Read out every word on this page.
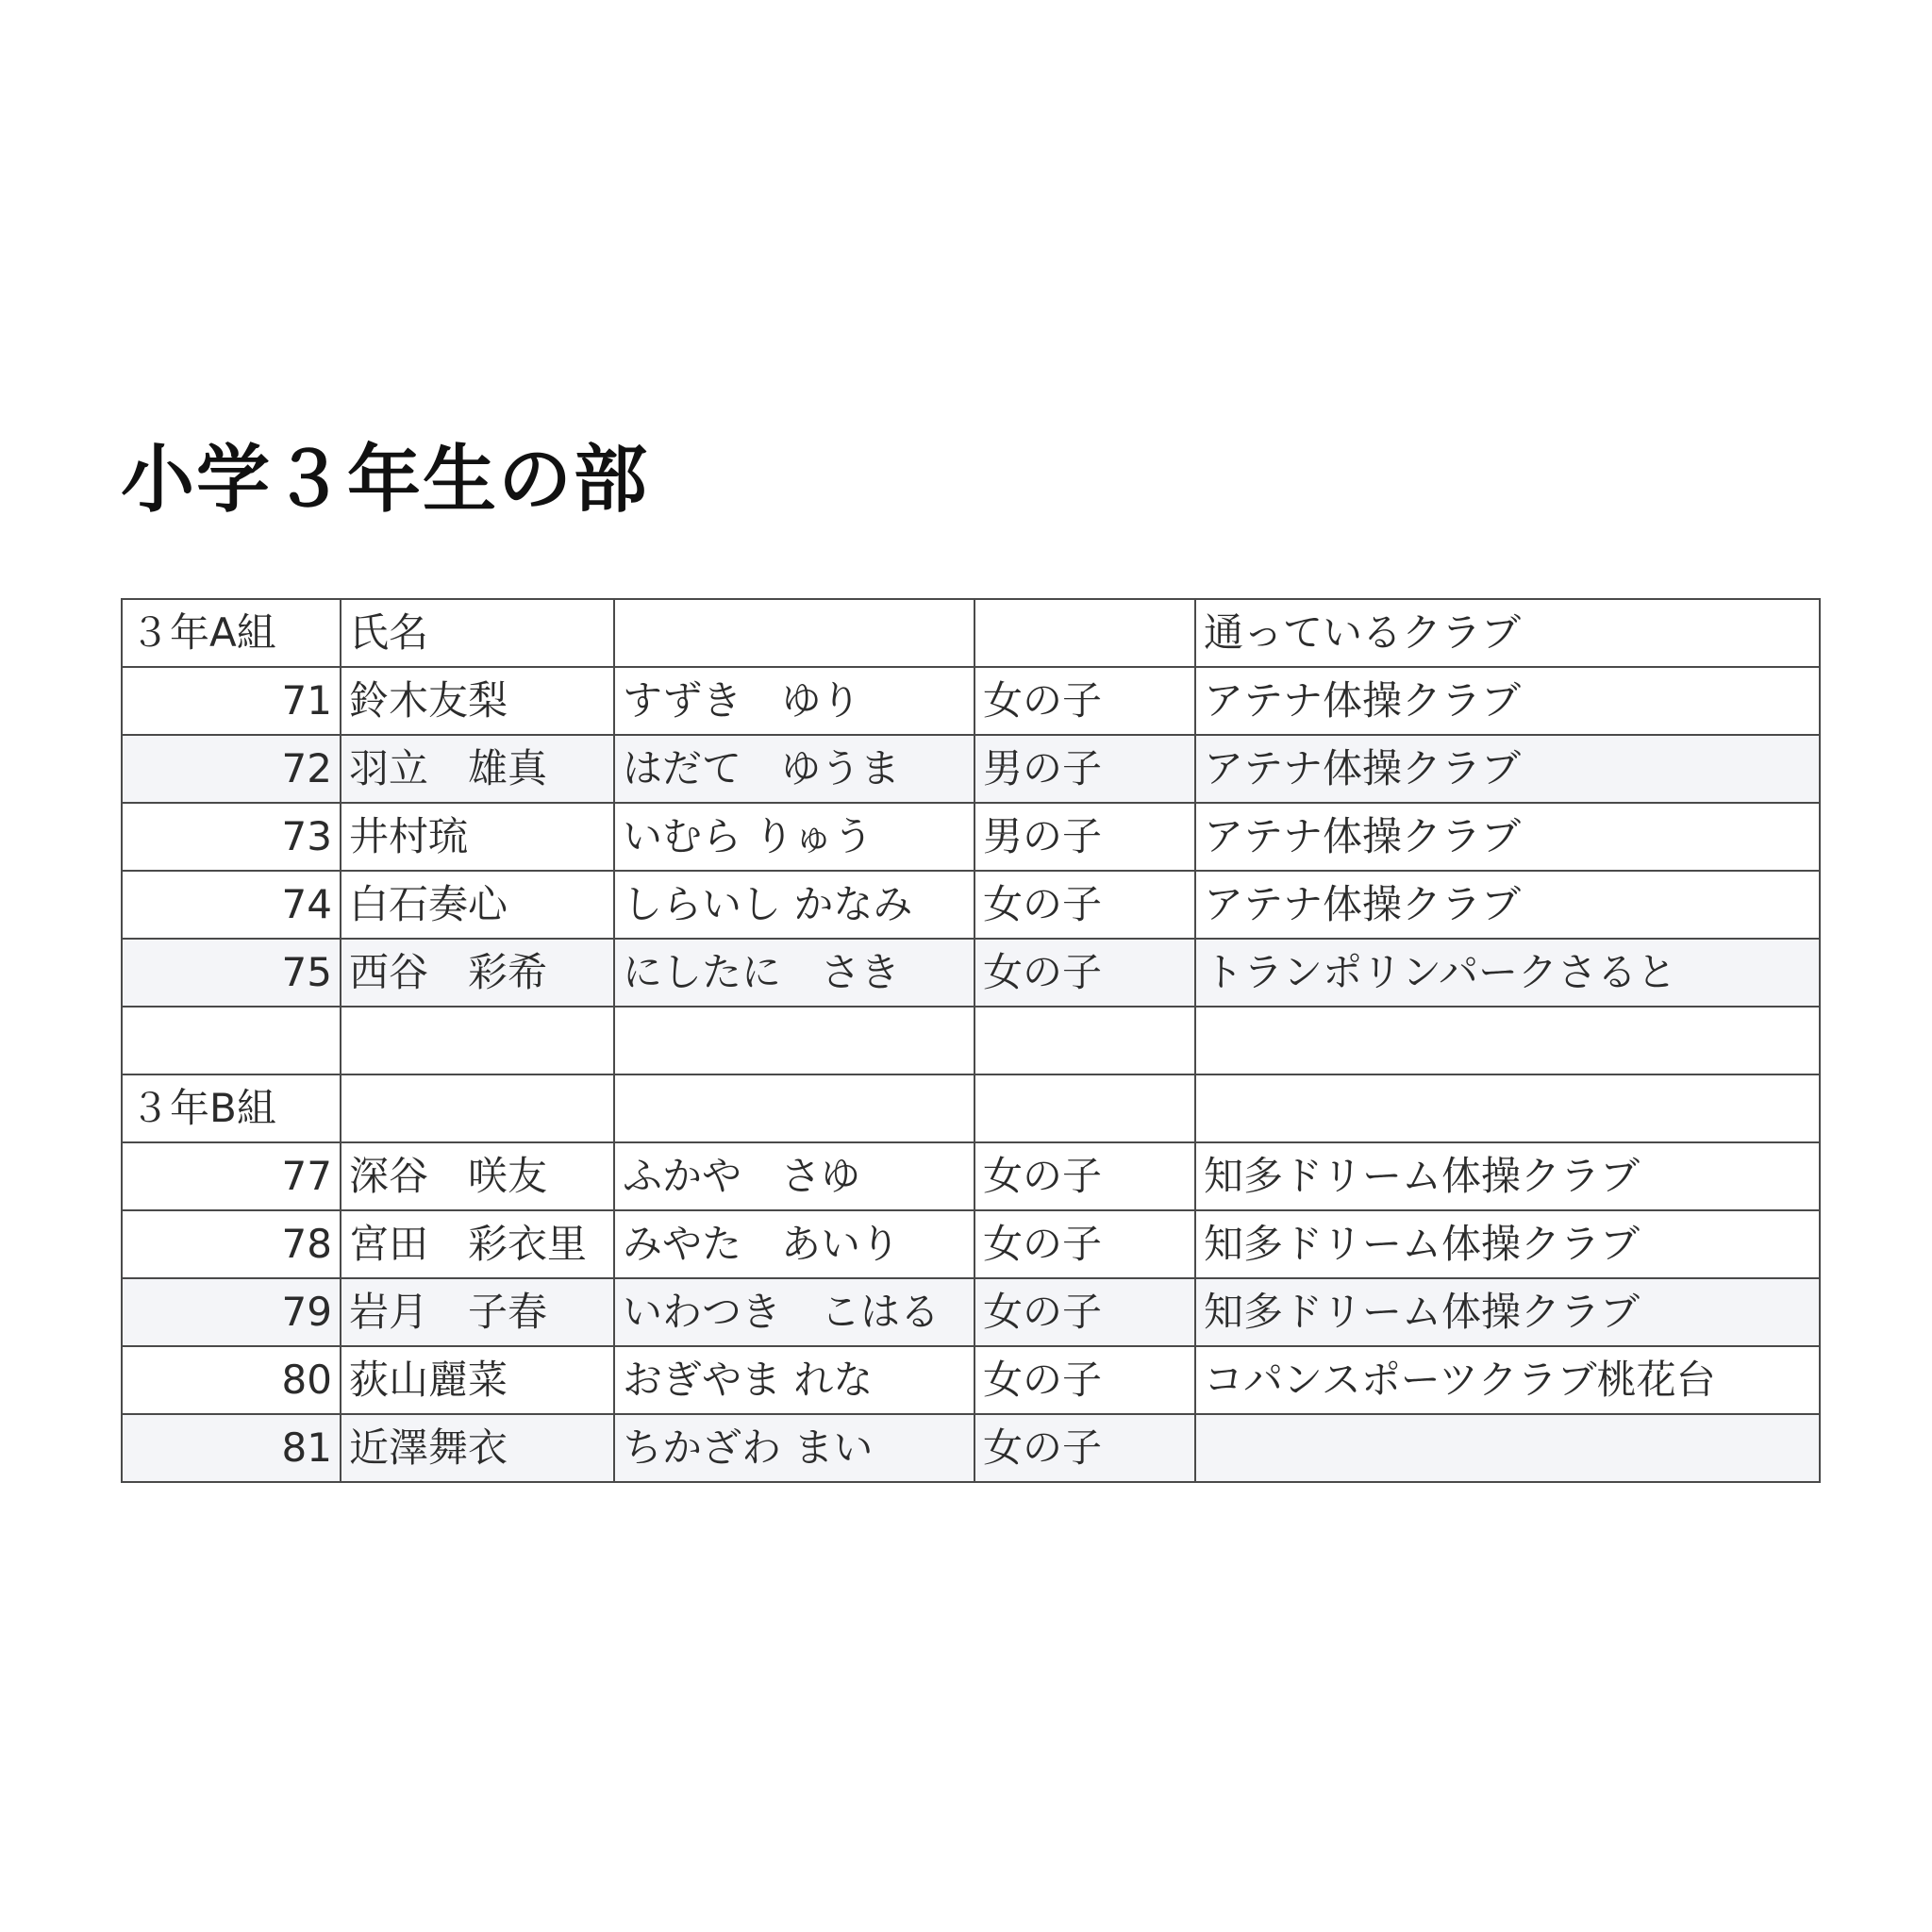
小学３年生の部
３年A組	氏名			通っているクラブ
71	鈴木友梨	すずき　ゆり	女の子	アテナ体操クラブ
72	羽立　雄真	はだて　ゆうま	男の子	アテナ体操クラブ
73	井村琉	いむら りゅう	男の子	アテナ体操クラブ
74	白石奏心	しらいし かなみ	女の子	アテナ体操クラブ
75	西谷　彩希	にしたに　さき	女の子	トランポリンパークさると

３年B組				
77	深谷　咲友	ふかや　さゆ	女の子	知多ドリーム体操クラブ
78	宮田　彩衣里	みやた　あいり	女の子	知多ドリーム体操クラブ
79	岩月　子春	いわつき　こはる	女の子	知多ドリーム体操クラブ
80	荻山麗菜	おぎやま れな	女の子	コパンスポーツクラブ桃花台
81	近澤舞衣	ちかざわ まい	女の子	
